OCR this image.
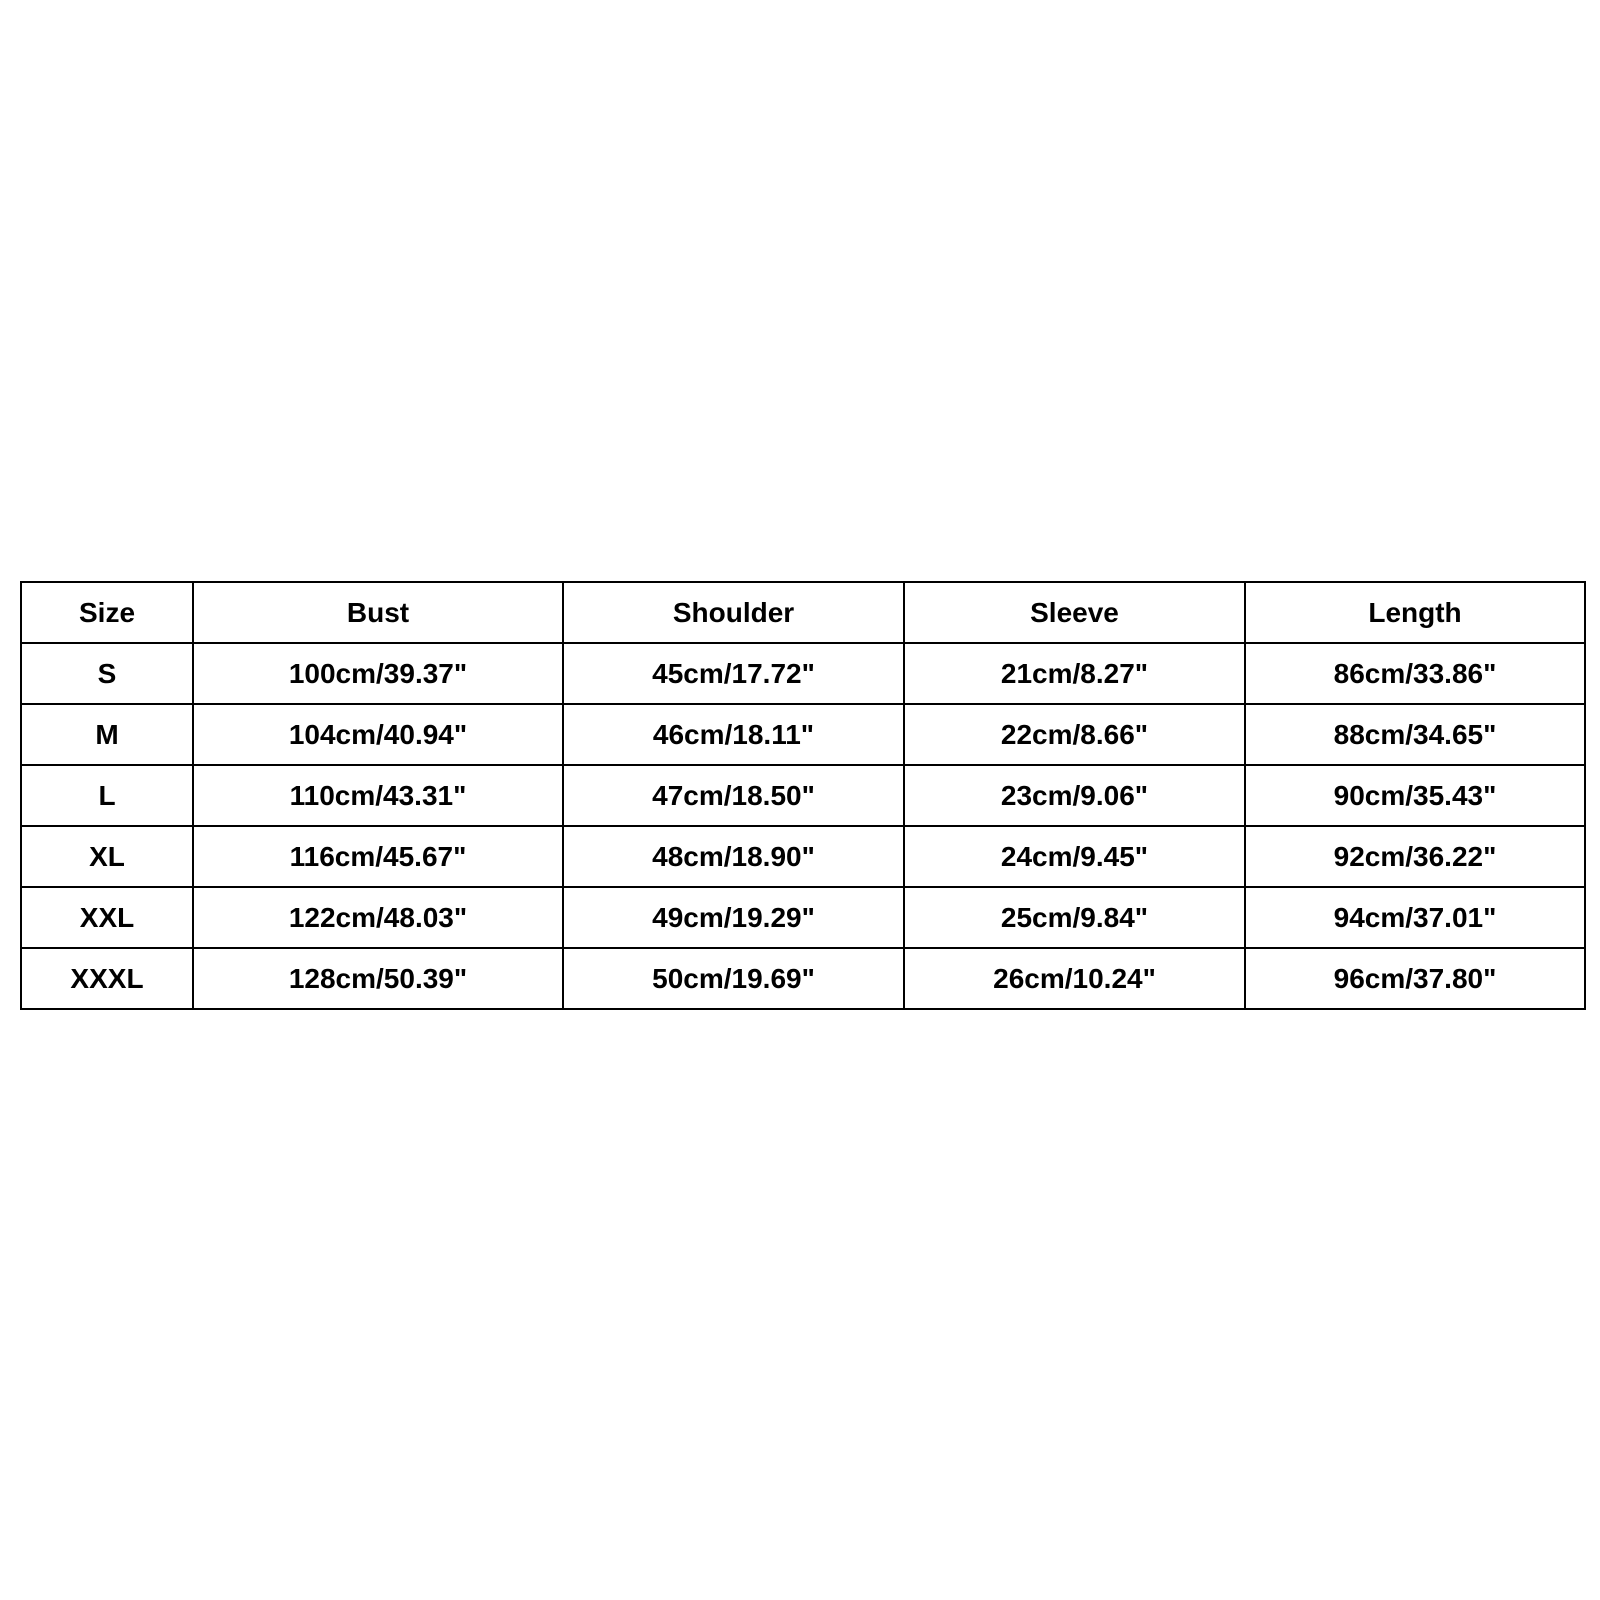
Size	Bust	Shoulder	Sleeve	Length
S	100cm/39.37"	45cm/17.72"	21cm/8.27"	86cm/33.86"
M	104cm/40.94"	46cm/18.11"	22cm/8.66"	88cm/34.65"
L	110cm/43.31"	47cm/18.50"	23cm/9.06"	90cm/35.43"
XL	116cm/45.67"	48cm/18.90"	24cm/9.45"	92cm/36.22"
XXL	122cm/48.03"	49cm/19.29"	25cm/9.84"	94cm/37.01"
XXXL	128cm/50.39"	50cm/19.69"	26cm/10.24"	96cm/37.80"
